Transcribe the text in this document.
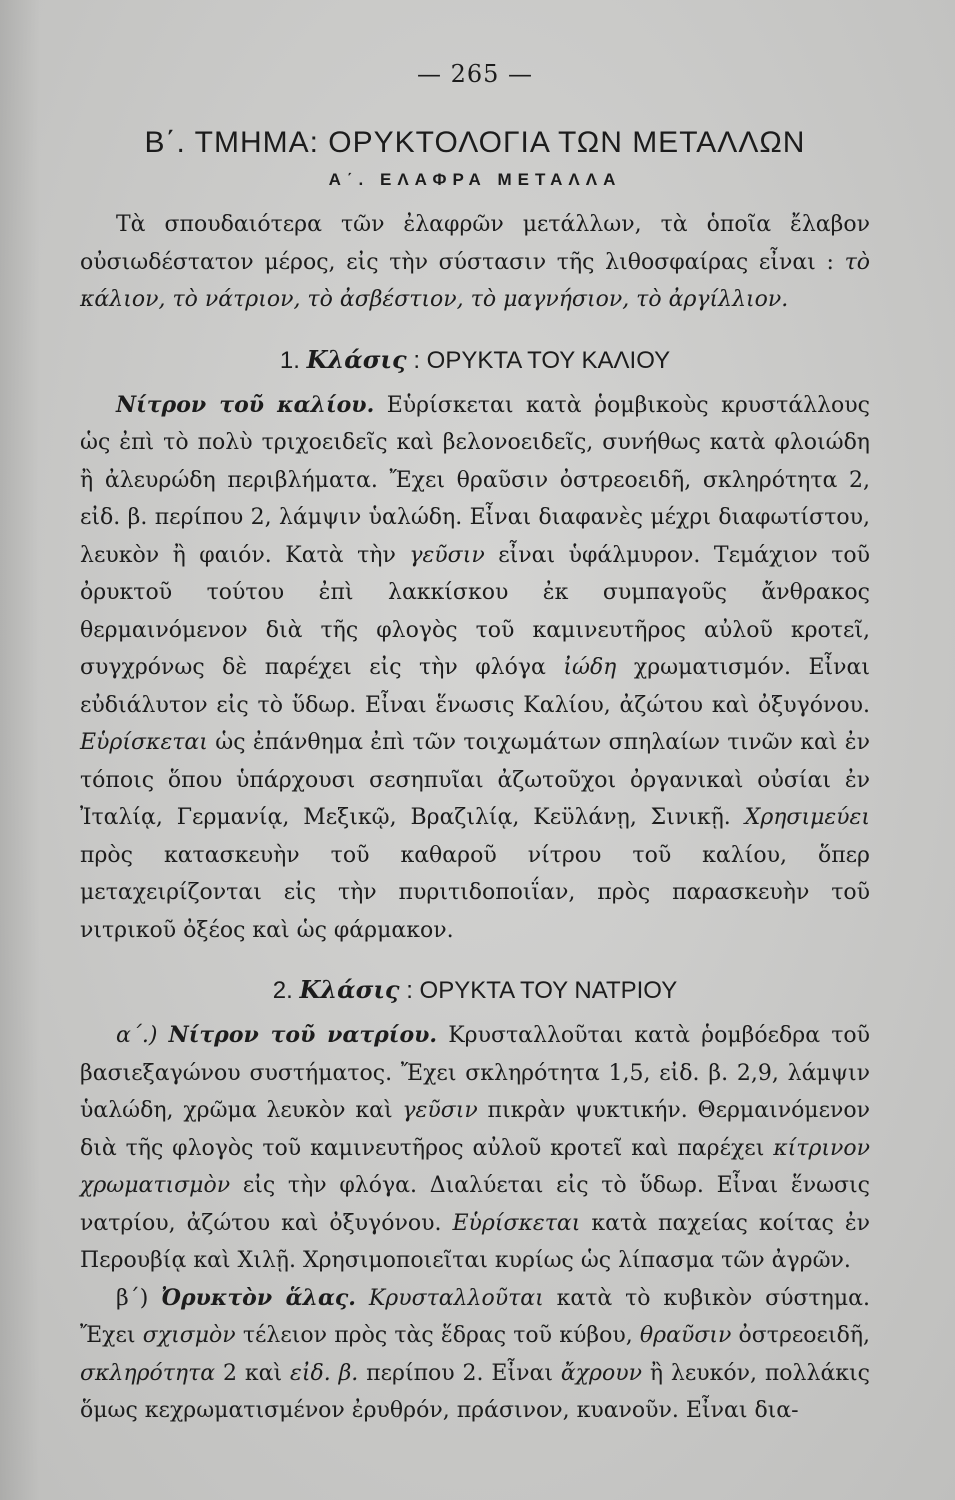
— 265 —
Β΄. ΤΜΗΜΑ: ΟΡΥΚΤΟΛΟΓΙΑ ΤΩΝ ΜΕΤΑΛΛΩΝ
Α΄. ΕΛΑΦΡΑ ΜΕΤΑΛΛΑ

Τὰ σπουδαιότερα τῶν ἐλαφρῶν μετάλλων, τὰ ὁποῖα ἔλαβον οὐσιωδέστατον μέρος, εἰς τὴν σύστασιν τῆς λιθοσφαίρας εἶναι : τὸ κάλιον, τὸ νάτριον, τὸ ἀσβέστιον, τὸ μαγνήσιον, τὸ ἀργίλλιον.

1. Κλάσις : ΟΡΥΚΤΑ ΤΟΥ ΚΑΛΙΟΥ

Νίτρον τοῦ καλίου. Εὑρίσκεται κατὰ ῥομβικοὺς κρυστάλλους ὡς ἐπὶ τὸ πολὺ τριχοειδεῖς καὶ βελονοειδεῖς, συνήθως κατὰ φλοιώδη ἢ ἀλευρώδη περιβλήματα. Ἔχει θραῦσιν ὀστρεοειδῆ, σκληρότητα 2, εἰδ. β. περίπου 2, λάμψιν ὑαλώδη. Εἶναι διαφανὲς μέχρι διαφωτίστου, λευκὸν ἢ φαιόν. Κατὰ τὴν γεῦσιν εἶναι ὑφάλμυρον. Τεμάχιον τοῦ ὀρυκτοῦ τούτου ἐπὶ λακκίσκου ἐκ συμπαγοῦς ἄνθρακος θερμαινόμενον διὰ τῆς φλογὸς τοῦ καμινευτῆρος αὐλοῦ κροτεῖ, συγχρόνως δὲ παρέχει εἰς τὴν φλόγα ἰώδη χρωματισμόν. Εἶναι εὐδιάλυτον εἰς τὸ ὕδωρ. Εἶναι ἕνωσις Καλίου, ἀζώτου καὶ ὀξυγόνου. Εὑρίσκεται ὡς ἐπάνθημα ἐπὶ τῶν τοιχωμάτων σπηλαίων τινῶν καὶ ἐν τόποις ὅπου ὑπάρχουσι σεσηπυῖαι ἀζωτοῦχοι ὀργανικαὶ οὐσίαι ἐν Ἰταλίᾳ, Γερμανίᾳ, Μεξικῷ, Βραζιλίᾳ, Κεϋλάνῃ, Σινικῇ. Χρησιμεύει πρὸς κατασκευὴν τοῦ καθαροῦ νίτρου τοῦ καλίου, ὅπερ μεταχειρίζονται εἰς τὴν πυριτιδοποιΐαν, πρὸς παρασκευὴν τοῦ νιτρικοῦ ὀξέος καὶ ὡς φάρμακον.

2. Κλάσις : ΟΡΥΚΤΑ ΤΟΥ ΝΑΤΡΙΟΥ

α΄.) Νίτρον τοῦ νατρίου. Κρυσταλλοῦται κατὰ ῥομβόεδρα τοῦ βασιεξαγώνου συστήματος. Ἔχει σκληρότητα 1,5, εἰδ. β. 2,9, λάμψιν ὑαλώδη, χρῶμα λευκὸν καὶ γεῦσιν πικρὰν ψυκτικήν. Θερμαινόμενον διὰ τῆς φλογὸς τοῦ καμινευτῆρος αὐλοῦ κροτεῖ καὶ παρέχει κίτρινον χρωματισμὸν εἰς τὴν φλόγα. Διαλύεται εἰς τὸ ὕδωρ. Εἶναι ἕνωσις νατρίου, ἀζώτου καὶ ὀξυγόνου. Εὑρίσκεται κατὰ παχείας κοίτας ἐν Περουβίᾳ καὶ Χιλῇ. Χρησιμοποιεῖται κυρίως ὡς λίπασμα τῶν ἀγρῶν.

β΄) Ὀρυκτὸν ἅλας. Κρυσταλλοῦται κατὰ τὸ κυβικὸν σύστημα. Ἔχει σχισμὸν τέλειον πρὸς τὰς ἕδρας τοῦ κύβου, θραῦσιν ὀστρεοειδῆ, σκληρότητα 2 καὶ εἰδ. β. περίπου 2. Εἶναι ἄχρουν ἢ λευκόν, πολλάκις ὅμως κεχρωματισμένον ἐρυθρόν, πράσινον, κυανοῦν. Εἶναι δια-
